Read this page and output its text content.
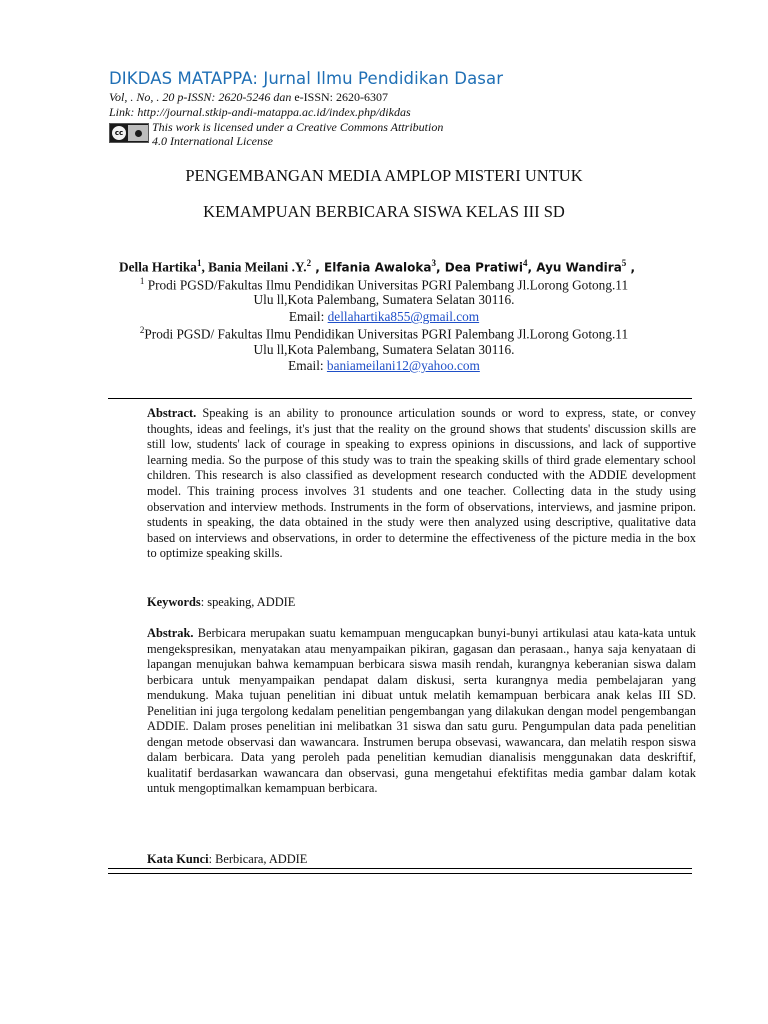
DIKDAS MATAPPA: Jurnal Ilmu Pendidikan Dasar
Vol, . No, . 20 p-ISSN: 2620-5246 dan e-ISSN: 2620-6307
Link: http://journal.stkip-andi-matappa.ac.id/index.php/dikdas
cc This work is licensed under a Creative Commons Attribution
4.0 International License
PENGEMBANGAN MEDIA AMPLOP MISTERI UNTUK
KEMAMPUAN BERBICARA SISWA KELAS III SD
Della Hartika$^1$, Bania Meilani .Y.$^2$ , Elfania Awaloka$^3$, Dea Pratiwi$^4$, Ayu Wandira$^5$ ,
$^1$ Prodi PGSD/Fakultas Ilmu Pendidikan Universitas PGRI Palembang Jl.Lorong Gotong.11
Ulu ll,Kota Palembang, Sumatera Selatan 30116.
Email: dellahartika855@gmail.com
$^2$Prodi PGSD/ Fakultas Ilmu Pendidikan Universitas PGRI Palembang Jl.Lorong Gotong.11
Ulu ll,Kota Palembang, Sumatera Selatan 30116.
Email: baniameilani12@yahoo.com
Abstract. Speaking is an ability to pronounce articulation sounds or word to express, state, or convey thoughts, ideas and feelings, it's just that the reality on the ground shows that students' discussion skills are still low, students' lack of courage in speaking to express opinions in discussions, and lack of supportive learning media. So the purpose of this study was to train the speaking skills of third grade elementary school children. This research is also classified as development research conducted with the ADDIE development model. This training process involves 31 students and one teacher. Collecting data in the study using observation and interview methods. Instruments in the form of observations, interviews, and jasmine pripon. students in speaking, the data obtained in the study were then analyzed using descriptive, qualitative data based on interviews and observations, in order to determine the effectiveness of the picture media in the box to optimize speaking skills.
Keywords: speaking, ADDIE
Abstrak. Berbicara merupakan suatu kemampuan mengucapkan bunyi-bunyi artikulasi atau kata-kata untuk mengekspresikan, menyatakan atau menyampaikan pikiran, gagasan dan perasaan., hanya saja kenyataan di lapangan menujukan bahwa kemampuan berbicara siswa masih rendah, kurangnya keberanian siswa dalam berbicara untuk menyampaikan pendapat dalam diskusi, serta kurangnya media pembelajaran yang mendukung. Maka tujuan penelitian ini dibuat untuk melatih kemampuan berbicara anak kelas III SD. Penelitian ini juga tergolong kedalam penelitian pengembangan yang dilakukan dengan model pengembangan ADDIE. Dalam proses penelitian ini melibatkan 31 siswa dan satu guru. Pengumpulan data pada penelitian dengan metode observasi dan wawancara. Instrumen berupa obsevasi, wawancara, dan melatih respon siswa dalam berbicara. Data yang peroleh pada penelitian kemudian dianalisis menggunakan data deskriftif, kualitatif berdasarkan wawancara dan observasi, guna mengetahui efektifitas media gambar dalam kotak untuk mengoptimalkan kemampuan berbicara.
Kata Kunci: Berbicara, ADDIE
